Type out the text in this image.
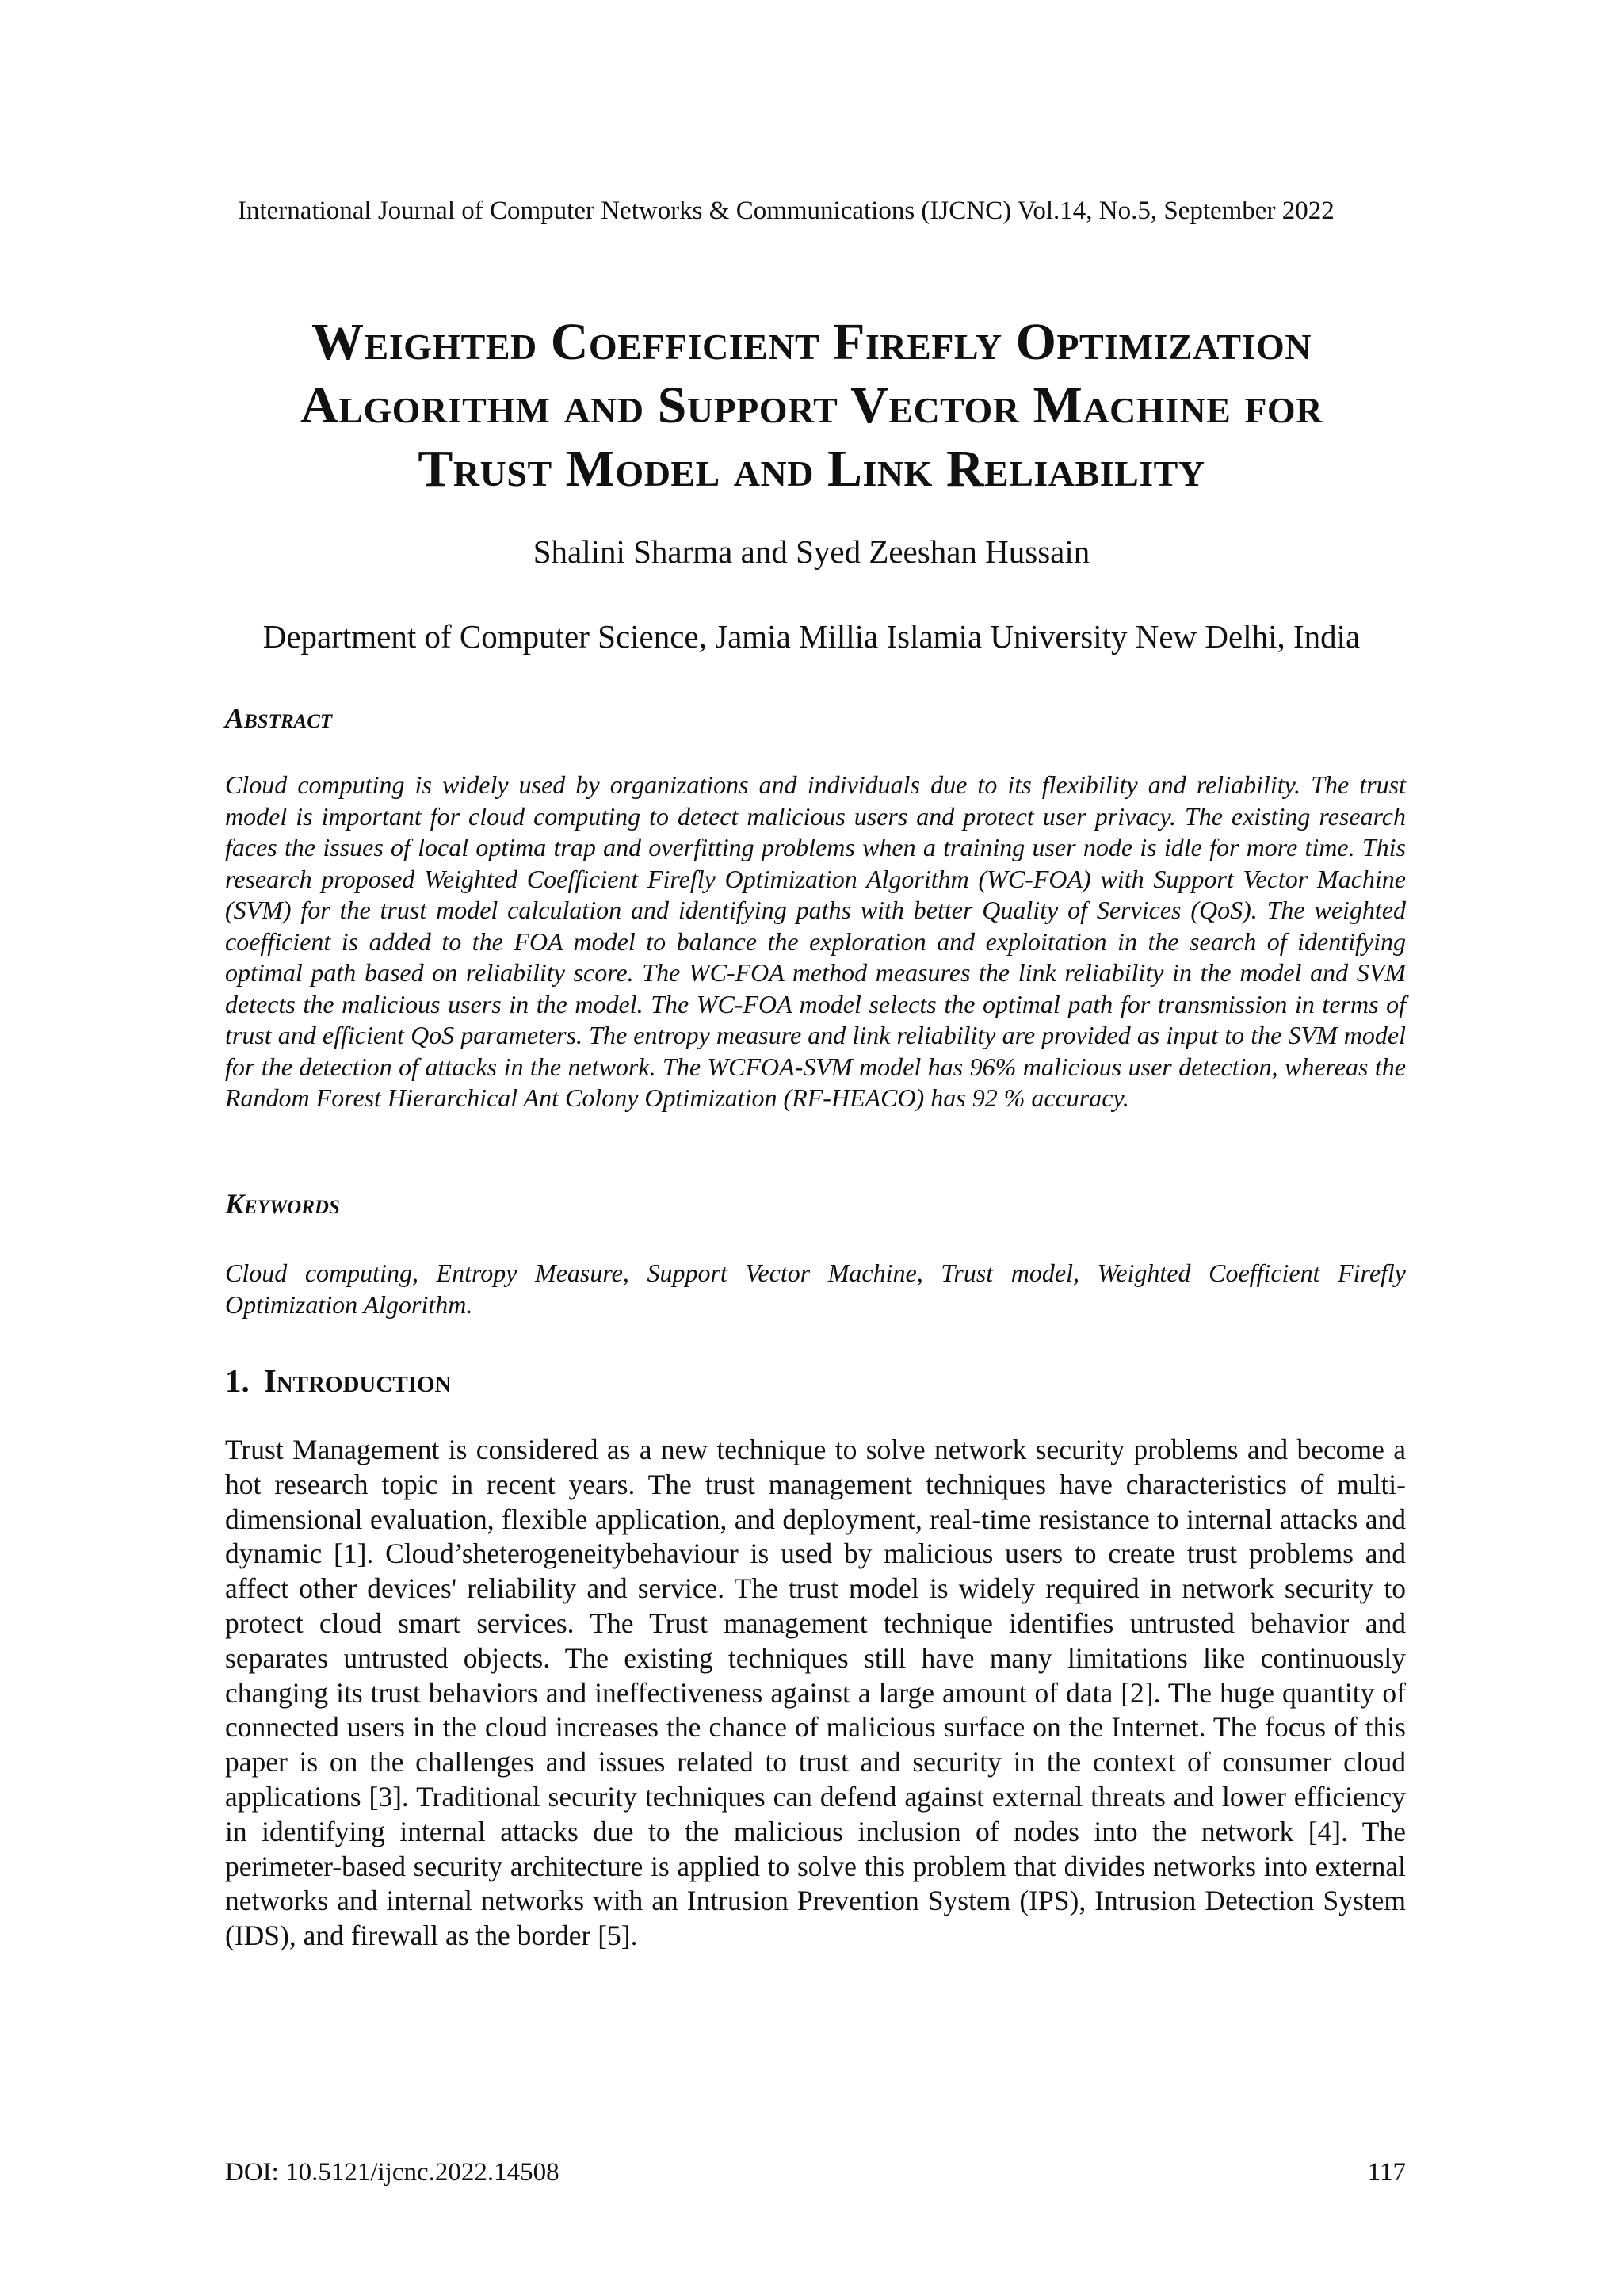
International Journal of Computer Networks & Communications (IJCNC) Vol.14, No.5, September 2022
Weighted Coefficient Firefly Optimization
Algorithm and Support Vector Machine for
Trust Model and Link Reliability
Shalini Sharma and Syed Zeeshan Hussain
Department of Computer Science, Jamia Millia Islamia University New Delhi, India
Abstract

Cloud computing is widely used by organizations and individuals due to its flexibility and reliability. The trust model is important for cloud computing to detect malicious users and protect user privacy. The existing research faces the issues of local optima trap and overfitting problems when a training user node is idle for more time. This research proposed Weighted Coefficient Firefly Optimization Algorithm (WC-FOA) with Support Vector Machine (SVM) for the trust model calculation and identifying paths with better Quality of Services (QoS). The weighted coefficient is added to the FOA model to balance the exploration and exploitation in the search of identifying optimal path based on reliability score. The WC-FOA method measures the link reliability in the model and SVM detects the malicious users in the model. The WC-FOA model selects the optimal path for transmission in terms of trust and efficient QoS parameters. The entropy measure and link reliability are provided as input to the SVM model for the detection of attacks in the network. The WCFOA-SVM model has 96% malicious user detection, whereas the Random Forest Hierarchical Ant Colony Optimization (RF-HEACO) has 92 % accuracy.

Keywords

Cloud computing, Entropy Measure, Support Vector Machine, Trust model, Weighted Coefficient Firefly Optimization Algorithm.

1. Introduction

Trust Management is considered as a new technique to solve network security problems and become a hot research topic in recent years. The trust management techniques have characteristics of multi-dimensional evaluation, flexible application, and deployment, real-time resistance to internal attacks and dynamic [1]. Cloud’sheterogeneitybehaviour is used by malicious users to create trust problems and affect other devices' reliability and service. The trust model is widely required in network security to protect cloud smart services. The Trust management technique identifies untrusted behavior and separates untrusted objects. The existing techniques still have many limitations like continuously changing its trust behaviors and ineffectiveness against a large amount of data [2]. The huge quantity of connected users in the cloud increases the chance of malicious surface on the Internet. The focus of this paper is on the challenges and issues related to trust and security in the context of consumer cloud applications [3]. Traditional security techniques can defend against external threats and lower efficiency in identifying internal attacks due to the malicious inclusion of nodes into the network [4]. The perimeter-based security architecture is applied to solve this problem that divides networks into external networks and internal networks with an Intrusion Prevention System (IPS), Intrusion Detection System (IDS), and firewall as the border [5].

DOI: 10.5121/ijcnc.2022.14508	117
